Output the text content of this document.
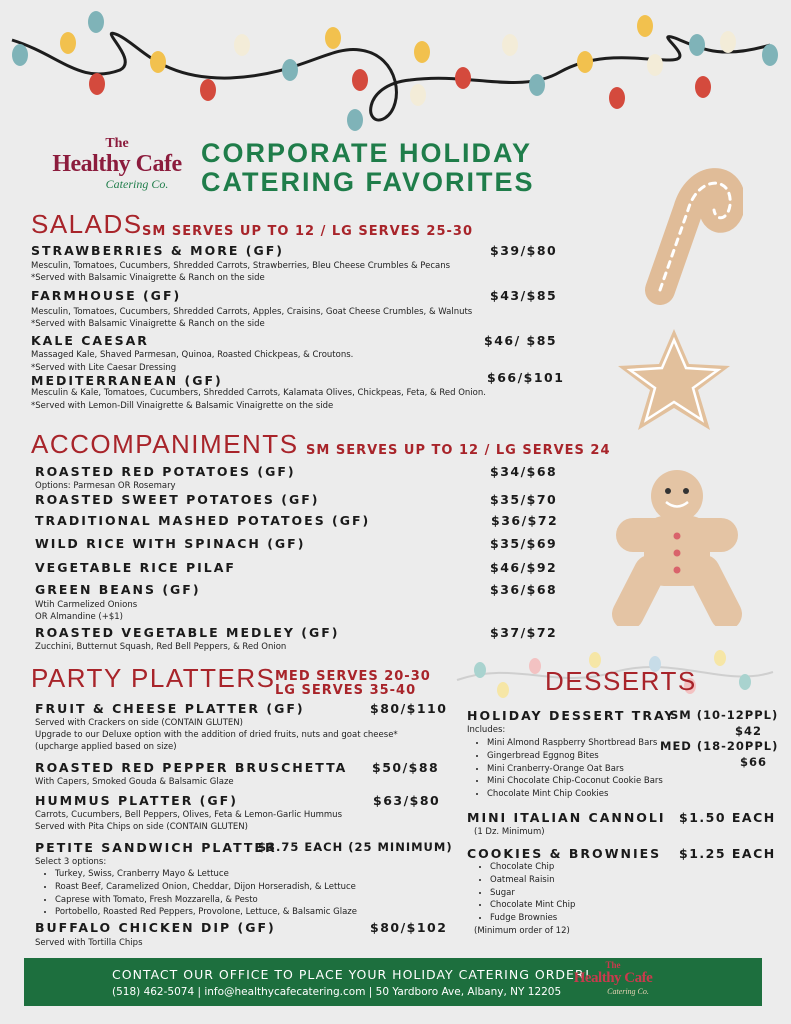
The
Healthy Cafe
Catering Co.
CORPORATE HOLIDAY
CATERING FAVORITES
SALADS SM SERVES UP TO 12 / LG SERVES 25-30
STRAWBERRIES & MORE (GF)	$39/$80
Mesculin, Tomatoes, Cucumbers, Shredded Carrots, Strawberries, Bleu Cheese Crumbles & Pecans
*Served with Balsamic Vinaigrette & Ranch on the side
FARMHOUSE (GF)	$43/$85
Mesculin, Tomatoes, Cucumbers, Shredded Carrots, Apples, Craisins, Goat Cheese Crumbles, & Walnuts
*Served with Balsamic Vinaigrette & Ranch on the side
KALE CAESAR	$46/ $85
Massaged Kale, Shaved Parmesan, Quinoa, Roasted Chickpeas, & Croutons.
*Served with Lite Caesar Dressing
MEDITERRANEAN (GF)	$66/$101
Mesculin & Kale, Tomatoes, Cucumbers, Shredded Carrots, Kalamata Olives, Chickpeas, Feta, & Red Onion.
*Served with Lemon-Dill Vinaigrette & Balsamic Vinaigrette on the side
ACCOMPANIMENTS SM SERVES UP TO 12 / LG SERVES 24
ROASTED RED POTATOES (GF)	$34/$68
Options: Parmesan OR Rosemary
ROASTED SWEET POTATOES (GF)	$35/$70
TRADITIONAL MASHED POTATOES (GF)	$36/$72
WILD RICE WITH SPINACH (GF)	$35/$69
VEGETABLE RICE PILAF	$46/$92
GREEN BEANS (GF)	$36/$68
Wtih Carmelized Onions
OR Almandine (+$1)
ROASTED VEGETABLE MEDLEY (GF)	$37/$72
Zucchini, Butternut Squash, Red Bell Peppers, & Red Onion
PARTY PLATTERS MED SERVES 20-30
LG SERVES 35-40
FRUIT & CHEESE PLATTER (GF)	$80/$110
Served with Crackers on side (CONTAIN GLUTEN)
Upgrade to our Deluxe option with the addition of dried fruits, nuts and goat cheese*
(upcharge applied based on size)
ROASTED RED PEPPER BRUSCHETTA $50/$88
With Capers, Smoked Gouda & Balsamic Glaze
HUMMUS PLATTER (GF)	$63/$80
Carrots, Cucumbers, Bell Peppers, Olives, Feta & Lemon-Garlic Hummus
Served with Pita Chips on side (CONTAIN GLUTEN)
PETITE SANDWICH PLATTER
$3.75 EACH (25 MINIMUM)
Select 3 options:
• Turkey, Swiss, Cranberry Mayo & Lettuce
• Roast Beef, Caramelized Onion, Cheddar, Dijon Horseradish, & Lettuce
• Caprese with Tomato, Fresh Mozzarella, & Pesto
• Portobello, Roasted Red Peppers, Provolone, Lettuce, & Balsamic Glaze
BUFFALO CHICKEN DIP (GF)	$80/$102
Served with Tortilla Chips
DESSERTS
HOLIDAY DESSERT TRAY
SM (10-12PPL)
$42
MED (18-20PPL)
$66
Includes:
• Mini Almond Raspberry Shortbread Bars
• Gingerbread Eggnog Bites
• Mini Cranberry-Orange Oat Bars
• Mini Chocolate Chip-Coconut Cookie Bars
• Chocolate Mint Chip Cookies
MINI ITALIAN CANNOLI $1.50 EACH
(1 Dz. Minimum)
COOKIES & BROWNIES $1.25 EACH
• Chocolate Chip
• Oatmeal Raisin
• Sugar
• Chocolate Mint Chip
• Fudge Brownies
(Minimum order of 12)
CONTACT OUR OFFICE TO PLACE YOUR HOLIDAY CATERING ORDER!
(518) 462-5074 | info@healthycafecatering.com | 50 Yardboro Ave, Albany, NY 12205
The
Healthy Cafe
Catering Co.
